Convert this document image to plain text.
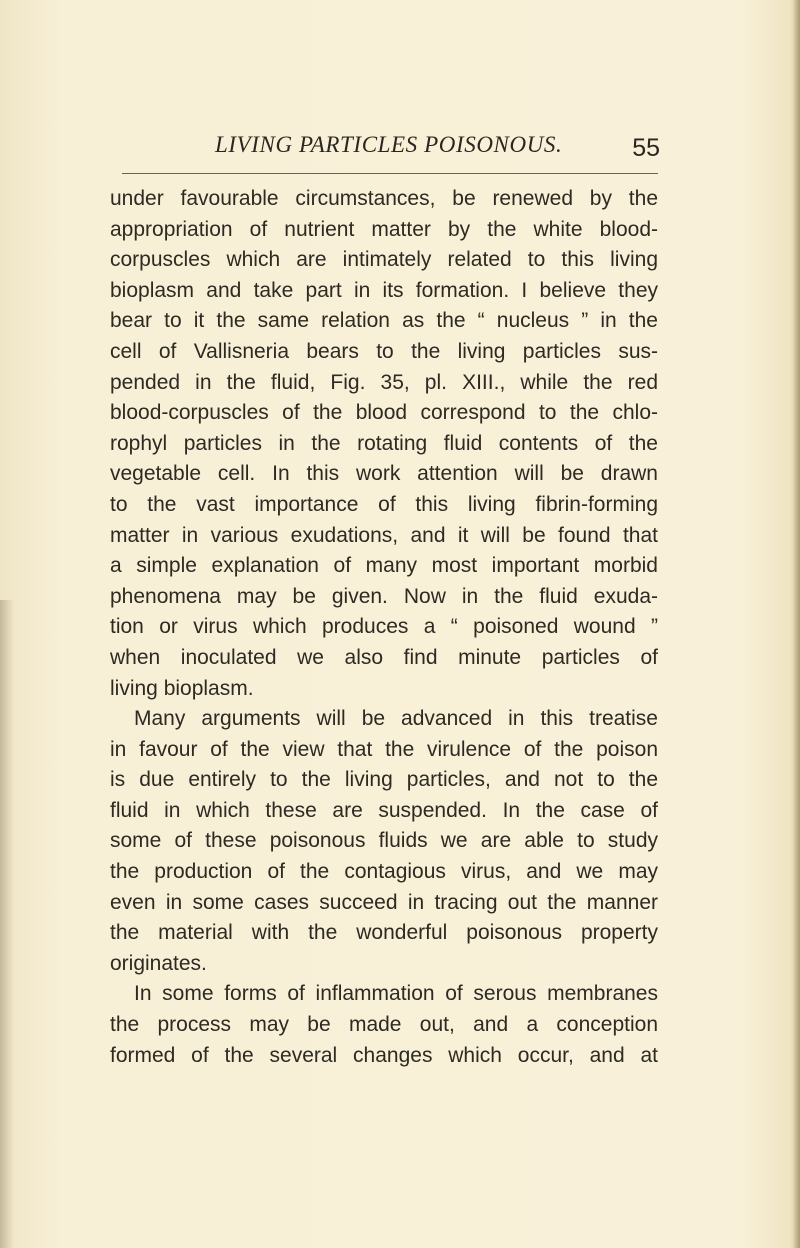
LIVING PARTICLES POISONOUS.	55
under favourable circumstances, be renewed by the
appropriation of nutrient matter by the white blood-
corpuscles which are intimately related to this living
bioplasm and take part in its formation. I believe they
bear to it the same relation as the “ nucleus ” in the
cell of Vallisneria bears to the living particles sus-
pended in the fluid, Fig. 35, pl. XIII., while the red
blood-corpuscles of the blood correspond to the chlo-
rophyl particles in the rotating fluid contents of the
vegetable cell. In this work attention will be drawn
to the vast importance of this living fibrin-forming
matter in various exudations, and it will be found that
a simple explanation of many most important morbid
phenomena may be given. Now in the fluid exuda-
tion or virus which produces a “ poisoned wound ”
when inoculated we also find minute particles of
living bioplasm.
Many arguments will be advanced in this treatise
in favour of the view that the virulence of the poison
is due entirely to the living particles, and not to the
fluid in which these are suspended. In the case of
some of these poisonous fluids we are able to study
the production of the contagious virus, and we may
even in some cases succeed in tracing out the manner
the material with the wonderful poisonous property
originates.
In some forms of inflammation of serous membranes
the process may be made out, and a conception
formed of the several changes which occur, and at
